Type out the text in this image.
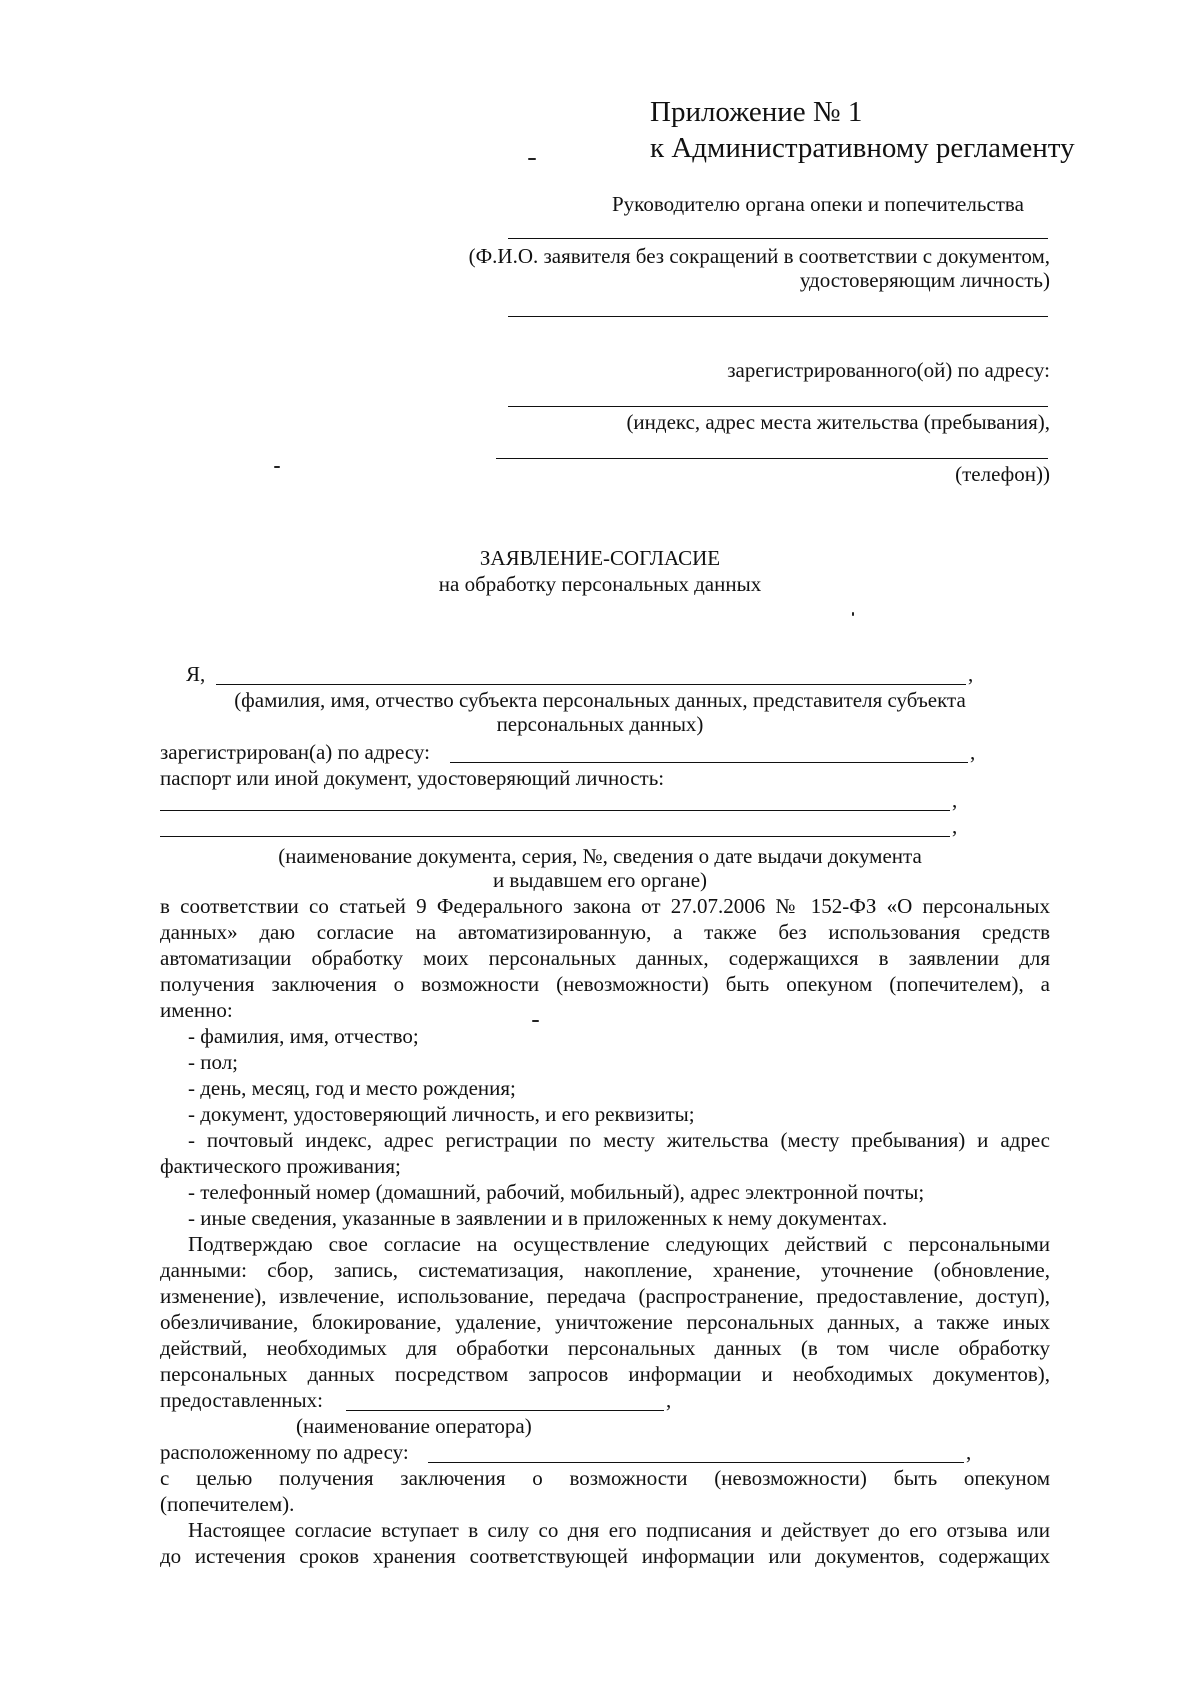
Приложение № 1
к Административному регламенту
Руководителю органа опеки и попечительства
(Ф.И.О. заявителя без сокращений в соответствии с документом,
удостоверяющим личность)
зарегистрированного(ой) по адресу:
(индекс, адрес места жительства (пребывания),
(телефон))
ЗАЯВЛЕНИЕ-СОГЛАСИЕ
на обработку персональных данных
Я,	,
(фамилия, имя, отчество субъекта персональных данных, представителя субъекта
персональных данных)
зарегистрирован(а) по адресу:	,
паспорт или иной документ, удостоверяющий личность:
,
,
(наименование документа, серия, №, сведения о дате выдачи документа
и выдавшем его органе)
в соответствии со статьей 9 Федерального закона от 27.07.2006 № 152-ФЗ «О персональных
данных» даю согласие на автоматизированную, а также без использования средств
автоматизации обработку моих персональных данных, содержащихся в заявлении для
получения заключения о возможности (невозможности) быть опекуном (попечителем), а
именно:
- фамилия, имя, отчество;
- пол;
- день, месяц, год и место рождения;
- документ, удостоверяющий личность, и его реквизиты;
- почтовый индекс, адрес регистрации по месту жительства (месту пребывания) и адрес
фактического проживания;
- телефонный номер (домашний, рабочий, мобильный), адрес электронной почты;
- иные сведения, указанные в заявлении и в приложенных к нему документах.
Подтверждаю свое согласие на осуществление следующих действий с персональными
данными: сбор, запись, систематизация, накопление, хранение, уточнение (обновление,
изменение), извлечение, использование, передача (распространение, предоставление, доступ),
обезличивание, блокирование, удаление, уничтожение персональных данных, а также иных
действий, необходимых для обработки персональных данных (в том числе обработку
персональных данных посредством запросов информации и необходимых документов),
предоставленных:	,
(наименование оператора)
расположенному по адресу:	,
с целью получения заключения о возможности (невозможности) быть опекуном
(попечителем).
Настоящее согласие вступает в силу со дня его подписания и действует до его отзыва или
до истечения сроков хранения соответствующей информации или документов, содержащих
